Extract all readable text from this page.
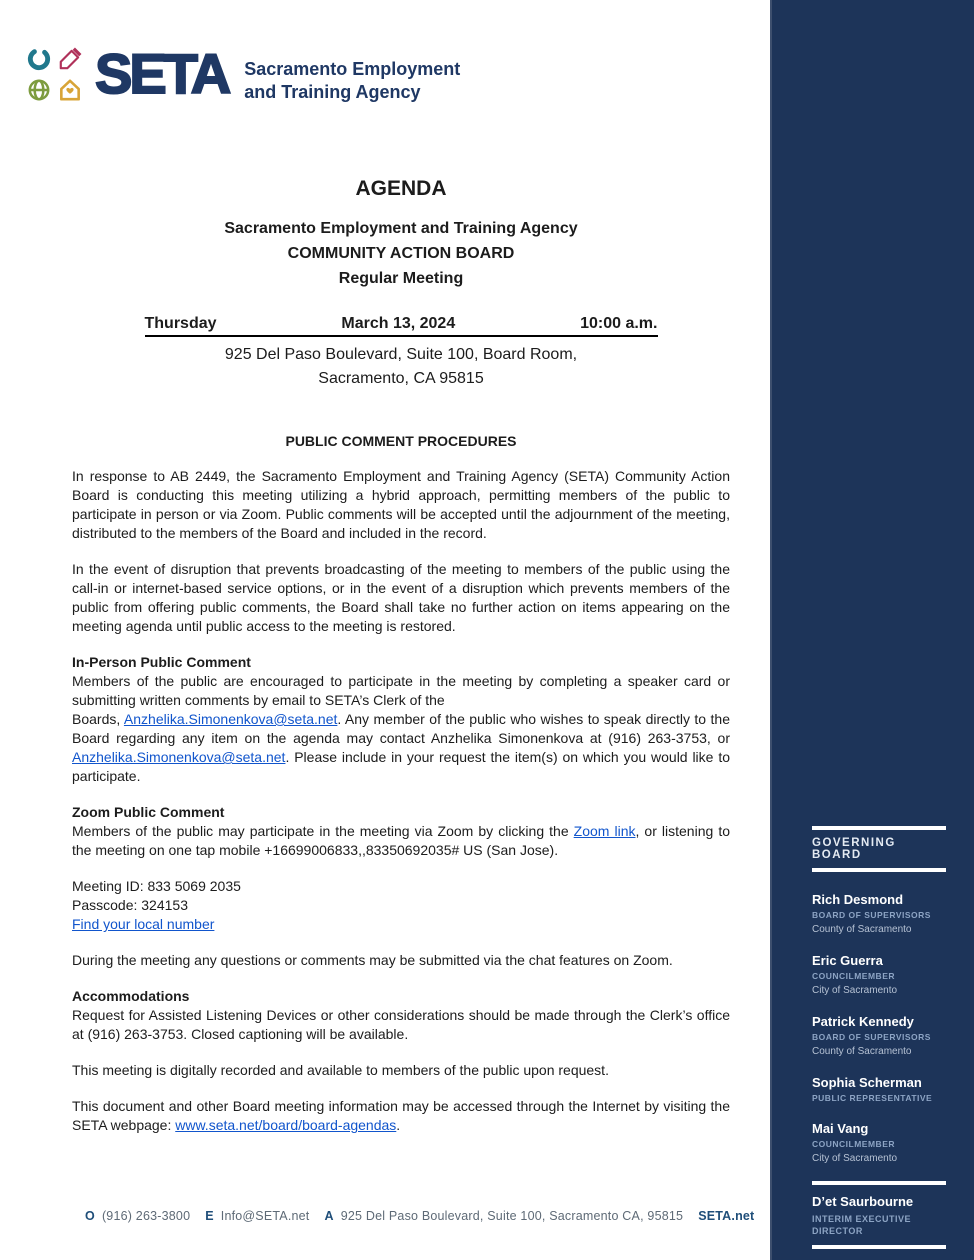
SETA Sacramento Employment
and Training Agency
AGENDA
Sacramento Employment and Training Agency
COMMUNITY ACTION BOARD
Regular Meeting
Thursday	March 13, 2024	10:00 a.m.
925 Del Paso Boulevard, Suite 100, Board Room,
Sacramento, CA 95815
PUBLIC COMMENT PROCEDURES
In response to AB 2449, the Sacramento Employment and Training Agency (SETA) Community Action Board is conducting this meeting utilizing a hybrid approach, permitting members of the public to participate in person or via Zoom. Public comments will be accepted until the adjournment of the meeting, distributed to the members of the Board and included in the record.
In the event of disruption that prevents broadcasting of the meeting to members of the public using the call-in or internet-based service options, or in the event of a disruption which prevents members of the public from offering public comments, the Board shall take no further action on items appearing on the meeting agenda until public access to the meeting is restored.
In-Person Public Comment
Members of the public are encouraged to participate in the meeting by completing a speaker card or submitting written comments by email to SETA’s Clerk of the
Boards, Anzhelika.Simonenkova@seta.net. Any member of the public who wishes to speak directly to the Board regarding any item on the agenda may contact Anzhelika Simonenkova at (916) 263-3753, or Anzhelika.Simonenkova@seta.net. Please include in your request the item(s) on which you would like to participate.
Zoom Public Comment
Members of the public may participate in the meeting via Zoom by clicking the Zoom link, or listening to the meeting on one tap mobile +16699006833,,83350692035# US (San Jose).
Meeting ID: 833 5069 2035
Passcode: 324153
Find your local number
During the meeting any questions or comments may be submitted via the chat features on Zoom.
Accommodations
Request for Assisted Listening Devices or other considerations should be made through the Clerk’s office at (916) 263-3753. Closed captioning will be available.
This meeting is digitally recorded and available to members of the public upon request.
This document and other Board meeting information may be accessed through the Internet by visiting the SETA webpage: www.seta.net/board/board-agendas.
O (916) 263-3800 E Info@SETA.net A 925 Del Paso Boulevard, Suite 100, Sacramento CA, 95815 SETA.net
GOVERNING BOARD
Rich Desmond
BOARD OF SUPERVISORS
County of Sacramento
Eric Guerra
COUNCILMEMBER
City of Sacramento
Patrick Kennedy
BOARD OF SUPERVISORS
County of Sacramento
Sophia Scherman
PUBLIC REPRESENTATIVE
Mai Vang
COUNCILMEMBER
City of Sacramento
D’et Saurbourne
INTERIM EXECUTIVE DIRECTOR
